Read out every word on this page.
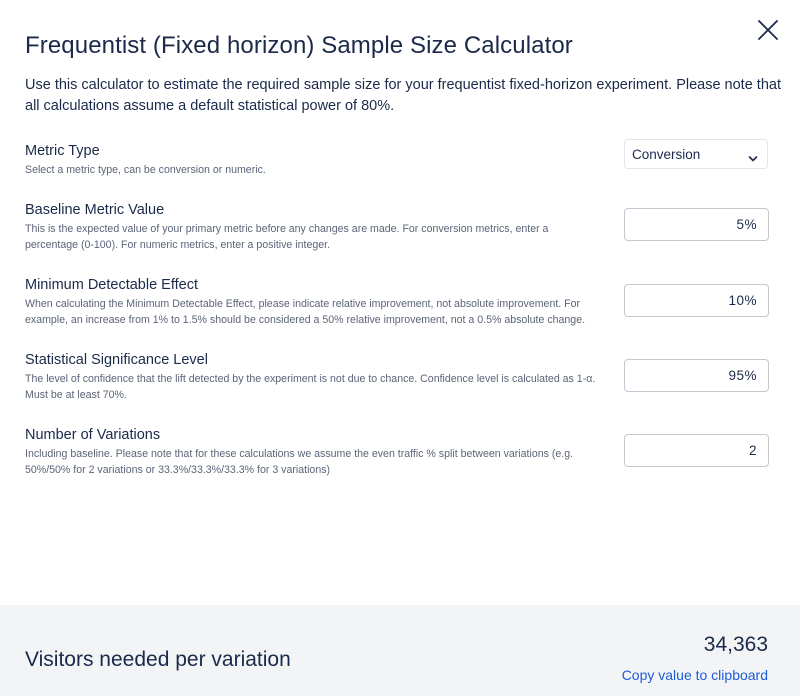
Frequentist (Fixed horizon) Sample Size Calculator

Use this calculator to estimate the required sample size for your frequentist fixed-horizon experiment. Please note that all calculations assume a default statistical power of 80%.

Metric Type

Select a metric type, can be conversion or numeric.

Conversion

Baseline Metric Value

This is the expected value of your primary metric before any changes are made. For conversion metrics, enter a percentage (0-100). For numeric metrics, enter a positive integer.

5%

Minimum Detectable Effect

When calculating the Minimum Detectable Effect, please indicate relative improvement, not absolute improvement. For example, an increase from 1% to 1.5% should be considered a 50% relative improvement, not a 0.5% absolute change.

10%

Statistical Significance Level

The level of confidence that the lift detected by the experiment is not due to chance. Confidence level is calculated as 1-α. Must be at least 70%.

95%

Number of Variations

Including baseline. Please note that for these calculations we assume the even traffic % split between variations (e.g. 50%/50% for 2 variations or 33.3%/33.3%/33.3% for 3 variations)

2

Visitors needed per variation

34,363

Copy value to clipboard
